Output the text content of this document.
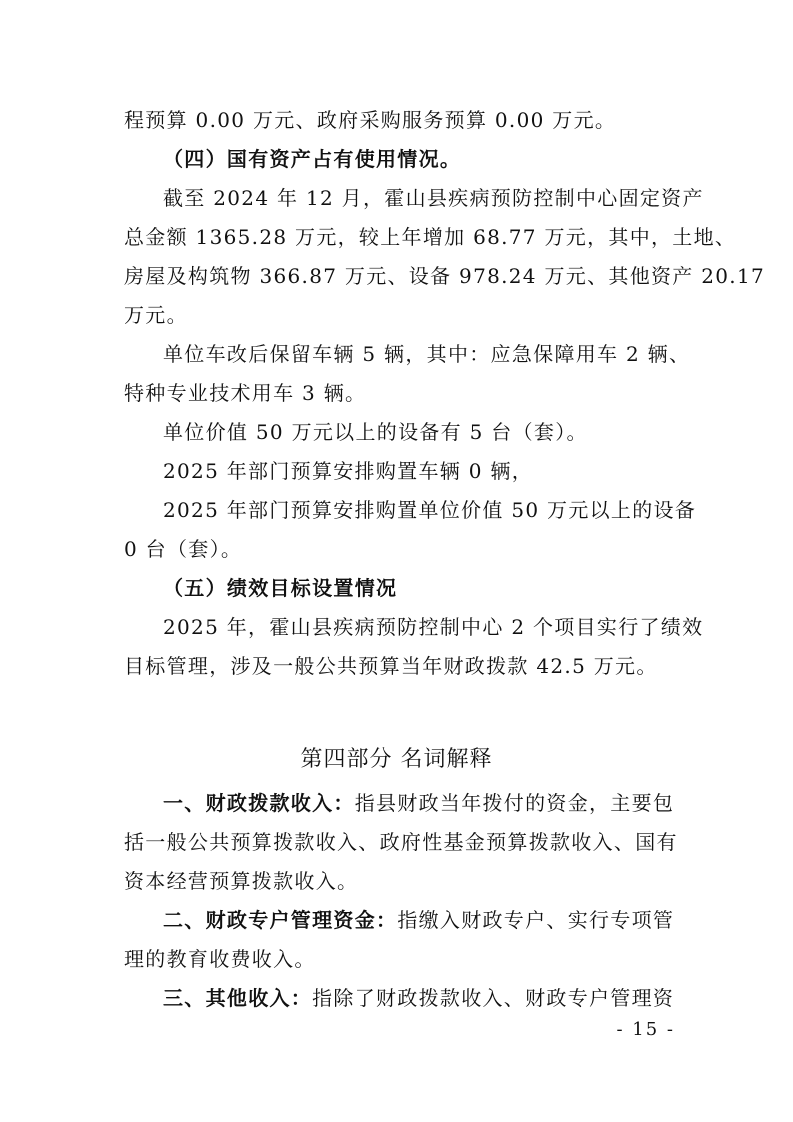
程预算 0.00 万元、政府采购服务预算 0.00 万元。
（四）国有资产占有使用情况。
截至 2024 年 12 月，霍山县疾病预防控制中心固定资产
总金额 1365.28 万元，较上年增加 68.77 万元，其中，土地、
房屋及构筑物 366.87 万元、设备 978.24 万元、其他资产 20.17
万元。
单位车改后保留车辆 5 辆，其中：应急保障用车 2 辆、
特种专业技术用车 3 辆。
单位价值 50 万元以上的设备有 5 台（套）。
2025 年部门预算安排购置车辆 0 辆，
2025 年部门预算安排购置单位价值 50 万元以上的设备
0 台（套）。
（五）绩效目标设置情况
2025 年，霍山县疾病预防控制中心 2 个项目实行了绩效
目标管理，涉及一般公共预算当年财政拨款 42.5 万元。
第四部分 名词解释
一、财政拨款收入：指县财政当年拨付的资金，主要包
括一般公共预算拨款收入、政府性基金预算拨款收入、国有
资本经营预算拨款收入。
二、财政专户管理资金：指缴入财政专户、实行专项管
理的教育收费收入。
三、其他收入：指除了财政拨款收入、财政专户管理资
- 15 -
